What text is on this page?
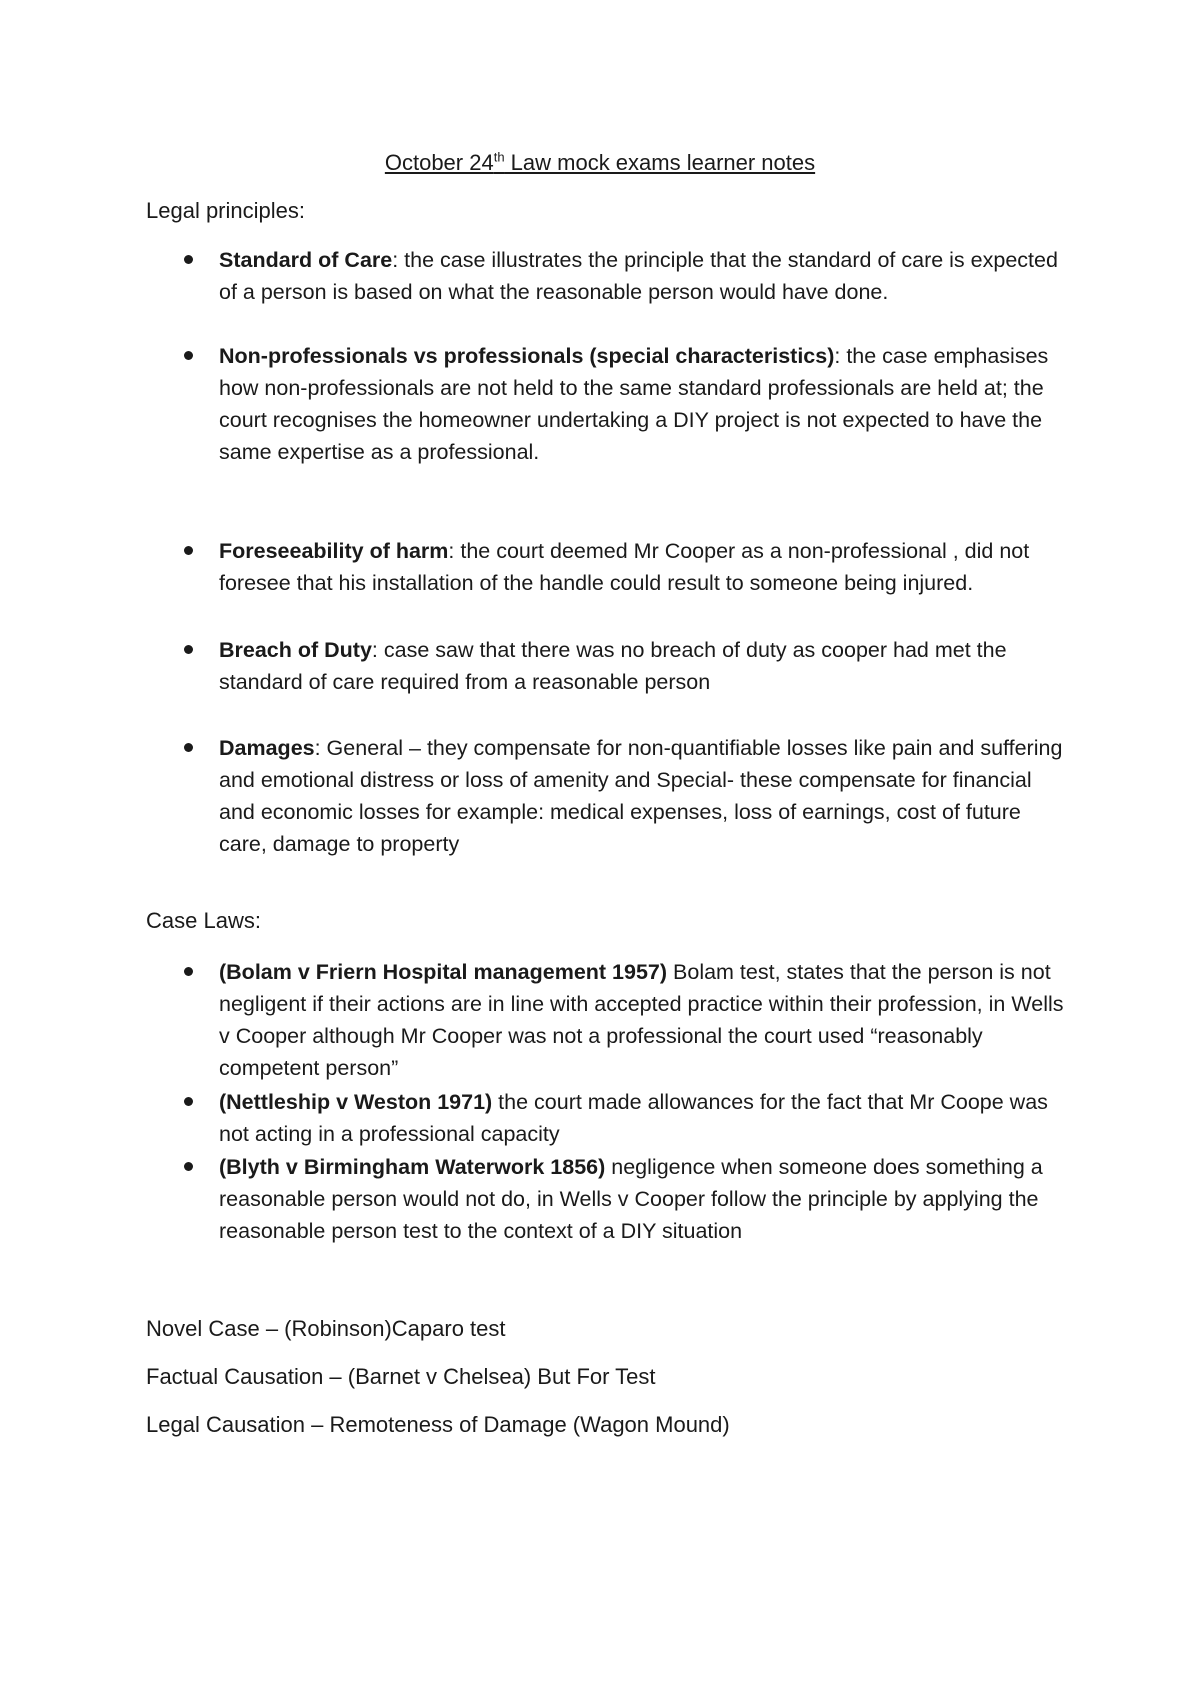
October 24th Law mock exams learner notes
Legal principles:
Standard of Care: the case illustrates the principle that the standard of care is expected of a person is based on what the reasonable person would have done.
Non-professionals vs professionals (special characteristics): the case emphasises how non-professionals are not held to the same standard professionals are held at; the court recognises the homeowner undertaking a DIY project is not expected to have the same expertise as a professional.
Foreseeability of harm: the court deemed Mr Cooper as a non-professional , did not foresee that his installation of the handle could result to someone being injured.
Breach of Duty: case saw that there was no breach of duty as cooper had met the standard of care required from a reasonable person
Damages: General – they compensate for non-quantifiable losses like pain and suffering and emotional distress or loss of amenity and Special- these compensate for financial and economic losses for example: medical expenses, loss of earnings, cost of future care, damage to property
Case Laws:
(Bolam v Friern Hospital management 1957) Bolam test, states that the person is not negligent if their actions are in line with accepted practice within their profession, in Wells v Cooper although Mr Cooper was not a professional the court used “reasonably competent person”
(Nettleship v Weston 1971) the court made allowances for the fact that Mr Coope was not acting in a professional capacity
(Blyth v Birmingham Waterwork 1856) negligence when someone does something a reasonable person would not do, in Wells v Cooper follow the principle by applying the reasonable person test to the context of a DIY situation
Novel Case – (Robinson)Caparo test
Factual Causation – (Barnet v Chelsea) But For Test
Legal Causation – Remoteness of Damage (Wagon Mound)
